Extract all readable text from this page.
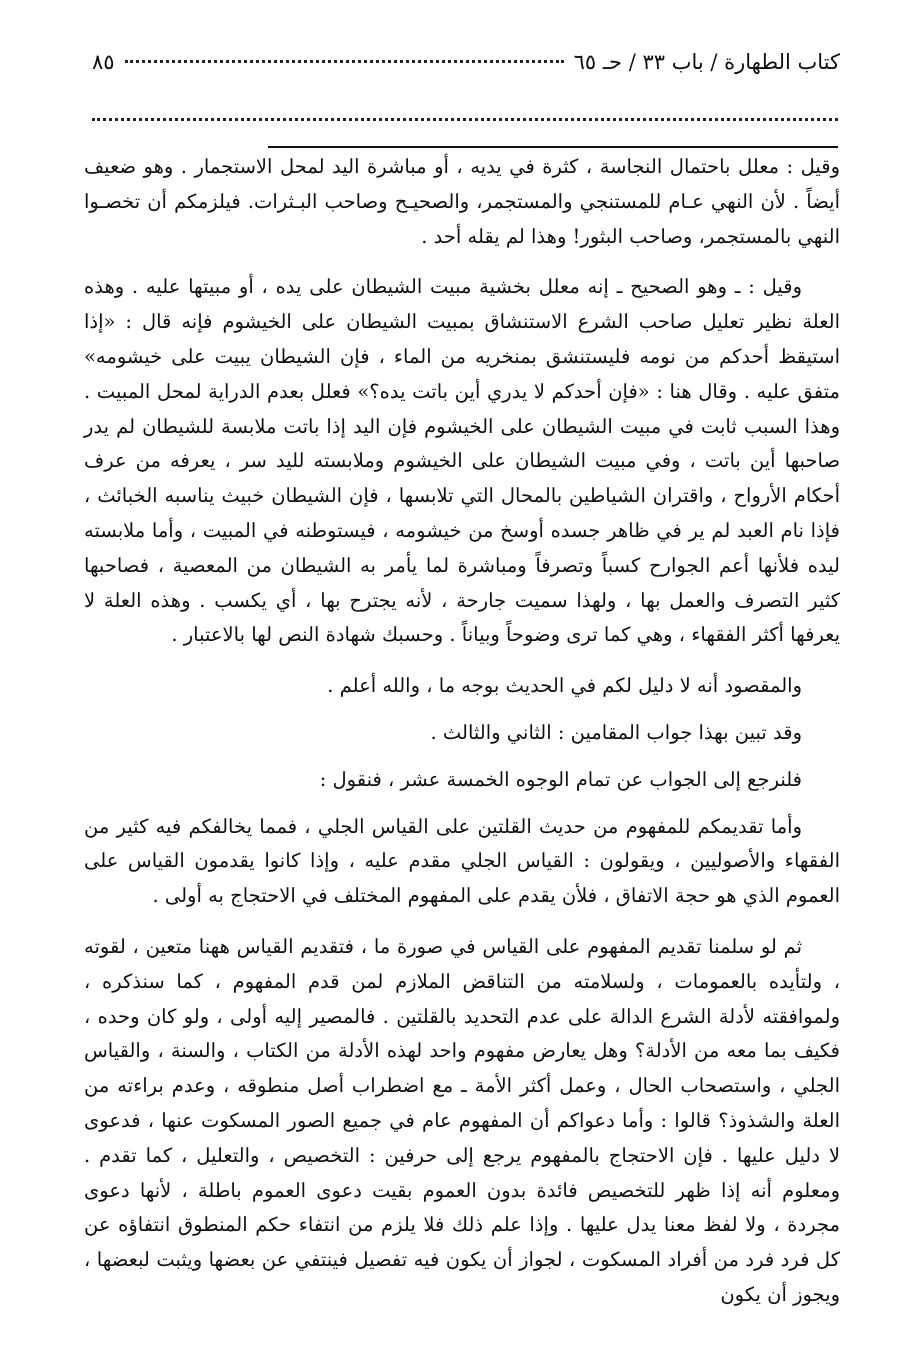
كتاب الطهارة / باب ٣٣ / حـ ٦٥
٨٥

وقيل : معلل باحتمال النجاسة ، كثرة في يديه ، أو مباشرة اليد لمحل الاستجمار . وهو ضعيف أيضاً . لأن النهي عـام للمستنجي والمستجمر، والصحيـح وصاحب البـثرات. فيلزمكم أن تخصـوا النهي بالمستجمر، وصاحب البثور! وهذا لم يقله أحد .

وقيل : ـ وهو الصحيح ـ إنه معلل بخشية مبيت الشيطان على يده ، أو مبيتها عليه . وهذه العلة نظير تعليل صاحب الشرع الاستنشاق بمبيت الشيطان على الخيشوم فإنه قال : «إذا استيقظ أحدكم من نومه فليستنشق بمنخريه من الماء ، فإن الشيطان يبيت على خيشومه» متفق عليه . وقال هنا : «فإن أحدكم لا يدري أين باتت يده؟» فعلل بعدم الدراية لمحل المبيت . وهذا السبب ثابت في مبيت الشيطان على الخيشوم فإن اليد إذا باتت ملابسة للشيطان لم يدر صاحبها أين باتت ، وفي مبيت الشيطان على الخيشوم وملابسته لليد سر ، يعرفه من عرف أحكام الأرواح ، واقتران الشياطين بالمحال التي تلابسها ، فإن الشيطان خبيث يناسبه الخبائث ، فإذا نام العبد لم ير في ظاهر جسده أوسخ من خيشومه ، فيستوطنه في المبيت ، وأما ملابسته ليده فلأنها أعم الجوارح كسباً وتصرفاً ومباشرة لما يأمر به الشيطان من المعصية ، فصاحبها كثير التصرف والعمل بها ، ولهذا سميت جارحة ، لأنه يجترح بها ، أي يكسب . وهذه العلة لا يعرفها أكثر الفقهاء ، وهي كما ترى وضوحاً وبياناً . وحسبك شهادة النص لها بالاعتبار .

والمقصود أنه لا دليل لكم في الحديث بوجه ما ، والله أعلم .

وقد تبين بهذا جواب المقامين : الثاني والثالث .

فلنرجع إلى الجواب عن تمام الوجوه الخمسة عشر ، فنقول :

وأما تقديمكم للمفهوم من حديث القلتين على القياس الجلي ، فمما يخالفكم فيه كثير من الفقهاء والأصوليين ، ويقولون : القياس الجلي مقدم عليه ، وإذا كانوا يقدمون القياس على العموم الذي هو حجة الاتفاق ، فلأن يقدم على المفهوم المختلف في الاحتجاج به أولى .

ثم لو سلمنا تقديم المفهوم على القياس في صورة ما ، فتقديم القياس ههنا متعين ، لقوته ، ولتأيده بالعمومات ، ولسلامته من التناقض الملازم لمن قدم المفهوم ، كما سنذكره ، ولموافقته لأدلة الشرع الدالة على عدم التحديد بالقلتين . فالمصير إليه أولى ، ولو كان وحده ، فكيف بما معه من الأدلة؟ وهل يعارض مفهوم واحد لهذه الأدلة من الكتاب ، والسنة ، والقياس الجلي ، واستصحاب الحال ، وعمل أكثر الأمة ـ مع اضطراب أصل منطوقه ، وعدم براءته من العلة والشذوذ؟ قالوا : وأما دعواكم أن المفهوم عام في جميع الصور المسكوت عنها ، فدعوى لا دليل عليها . فإن الاحتجاج بالمفهوم يرجع إلى حرفين : التخصيص ، والتعليل ، كما تقدم . ومعلوم أنه إذا ظهر للتخصيص فائدة بدون العموم بقيت دعوى العموم باطلة ، لأنها دعوى مجردة ، ولا لفظ معنا يدل عليها . وإذا علم ذلك فلا يلزم من انتفاء حكم المنطوق انتفاؤه عن كل فرد فرد من أفراد المسكوت ، لجواز أن يكون فيه تفصيل فينتفي عن بعضها ويثبت لبعضها ، ويجوز أن يكون
